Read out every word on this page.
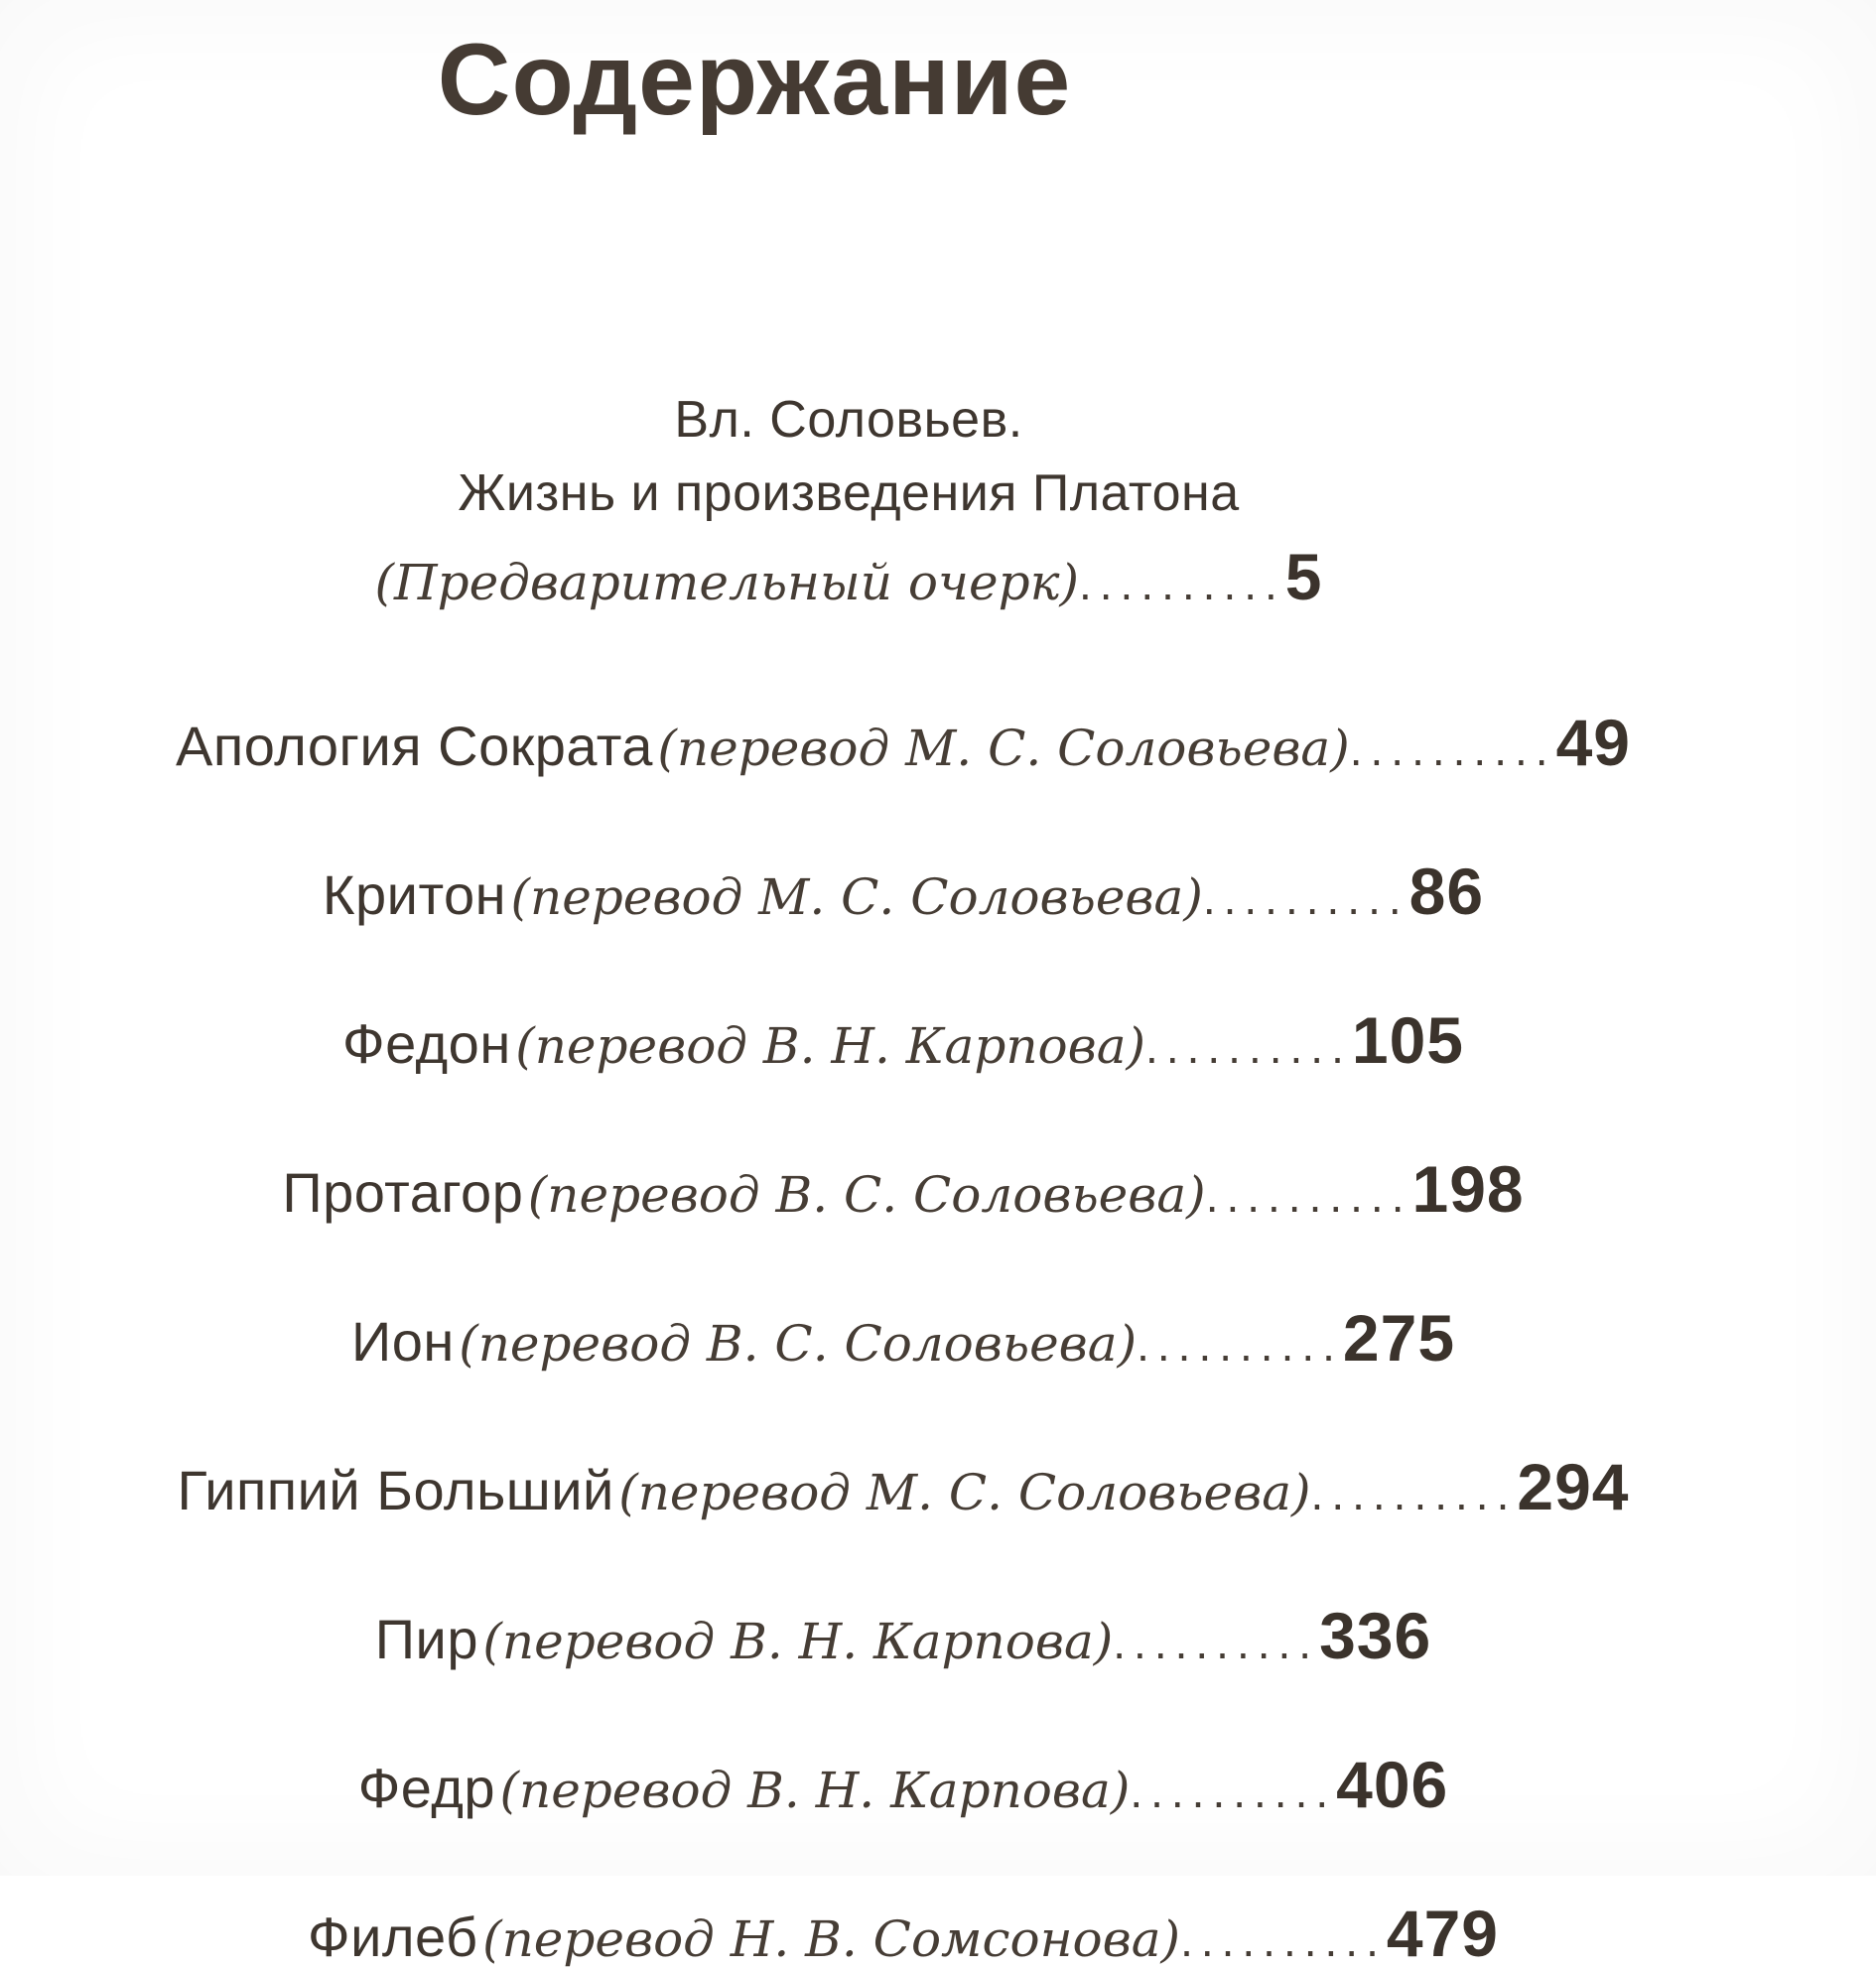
Содержание
Вл. Соловьев.
Жизнь и произведения Платона
(Предварительный очерк)..........5
Апология Сократа (перевод М. С. Соловьева)..........49
Критон (перевод М. С. Соловьева)..........86
Федон (перевод В. Н. Карпова)..........105
Протагор (перевод В. С. Соловьева)..........198
Ион (перевод В. С. Соловьева)..........275
Гиппий Больший (перевод М. С. Соловьева)..........294
Пир (перевод В. Н. Карпова)..........336
Федр (перевод В. Н. Карпова)..........406
Филеб (перевод Н. В. Сомсонова)..........479
